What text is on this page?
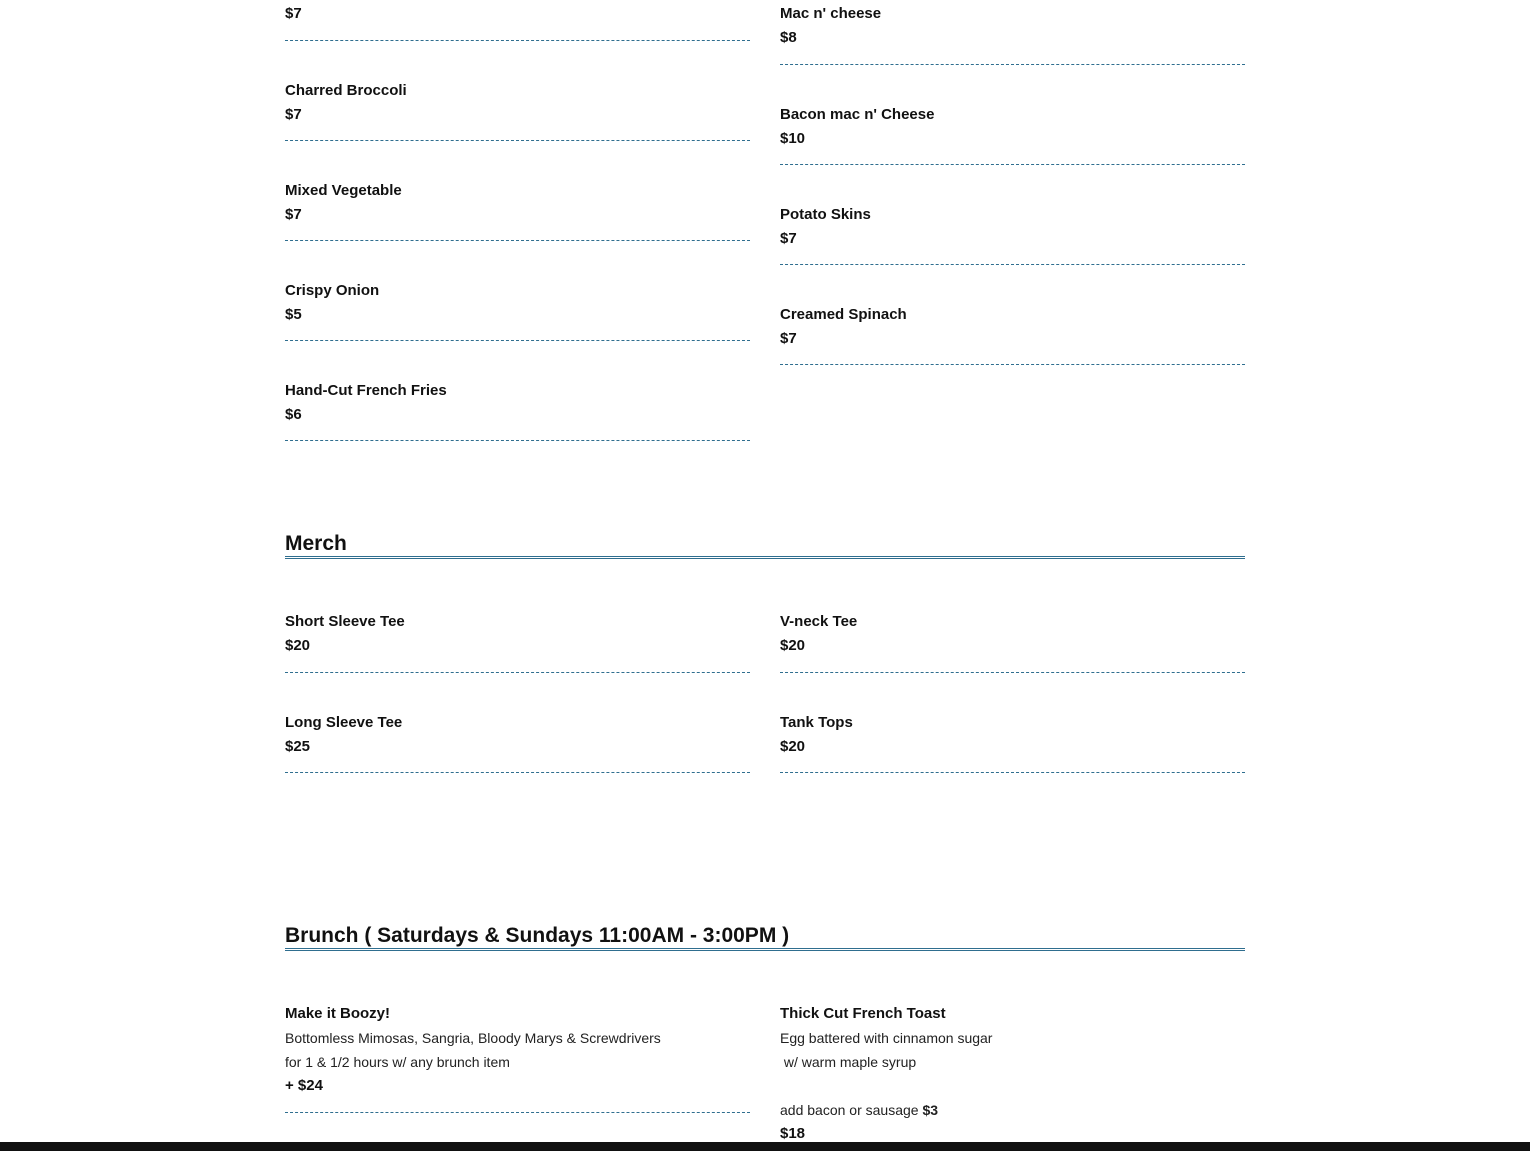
$7
Charred Broccoli
$7
Mixed Vegetable
$7
Crispy Onion
$5
Hand-Cut French Fries
$6
Mac n' cheese
$8
Bacon mac n' Cheese
$10
Potato Skins
$7
Creamed Spinach
$7
Merch
Short Sleeve Tee
$20
Long Sleeve Tee
$25
V-neck Tee
$20
Tank Tops
$20
Brunch ( Saturdays & Sundays 11:00AM - 3:00PM )
Make it Boozy!
Bottomless Mimosas, Sangria, Bloody Marys & Screwdrivers
for 1 & 1/2 hours w/ any brunch item
+ $24
Thick Cut French Toast
Egg battered with cinnamon sugar
w/ warm maple syrup
add bacon or sausage $3
$18
